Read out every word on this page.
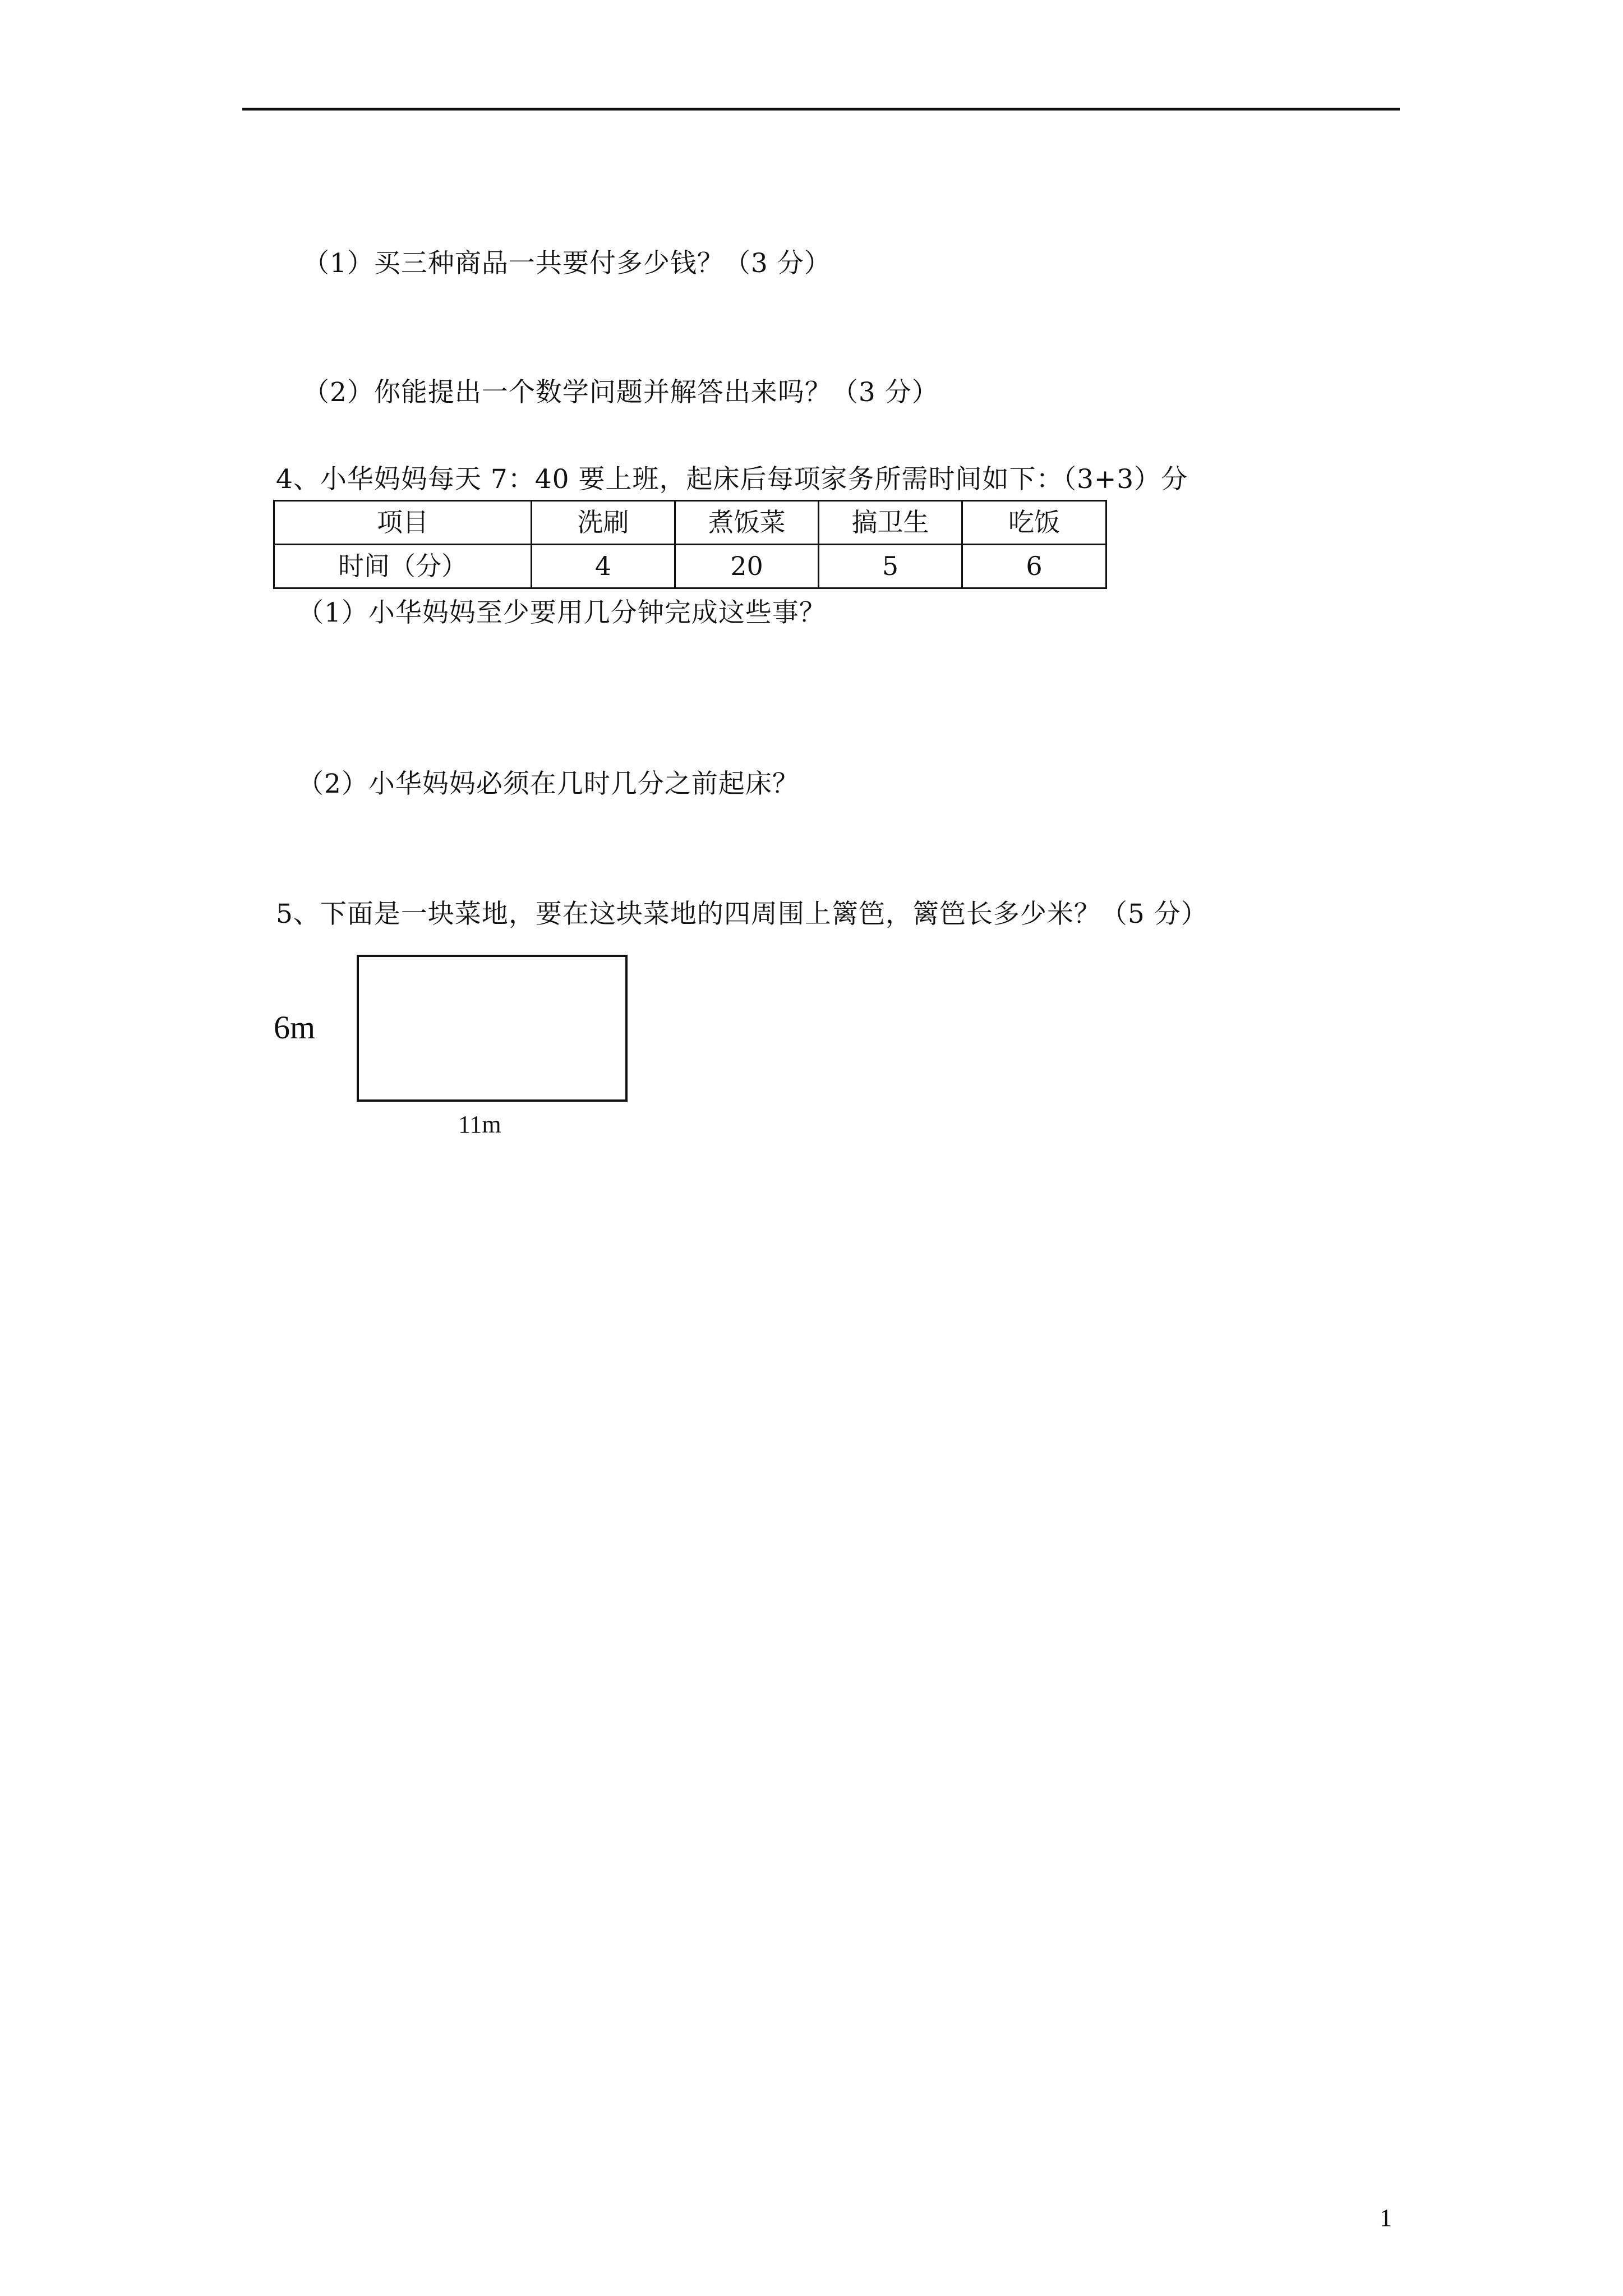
（1）买三种商品一共要付多少钱？（3 分）
（2）你能提出一个数学问题并解答出来吗？（3 分）
4、小华妈妈每天 7：40 要上班，起床后每项家务所需时间如下：（3+3）分
项目	洗刷	煮饭菜	搞卫生	吃饭
时间（分）	4	20	5	6
（1）小华妈妈至少要用几分钟完成这些事？
（2）小华妈妈必须在几时几分之前起床？
5、下面是一块菜地，要在这块菜地的四周围上篱笆，篱笆长多少米？（5 分）
6m
11m
1
